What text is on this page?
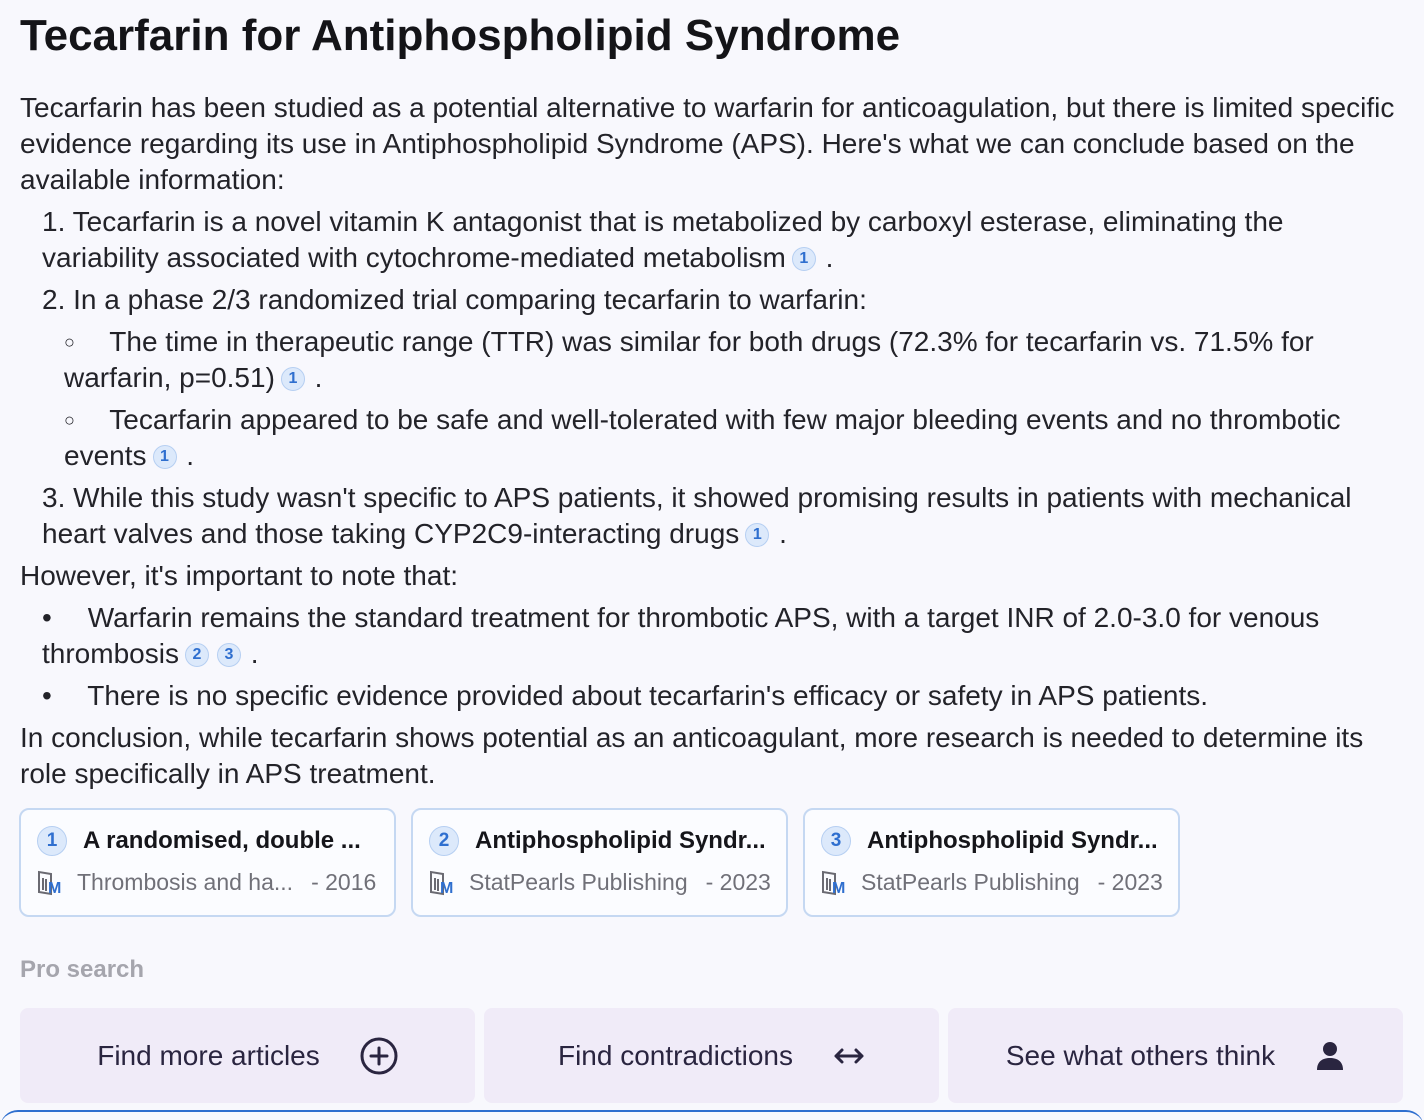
Tecarfarin for Antiphospholipid Syndrome

Tecarfarin has been studied as a potential alternative to warfarin for anticoagulation, but there is limited specific evidence regarding its use in Antiphospholipid Syndrome (APS). Here's what we can conclude based on the available information:

Tecarfarin is a novel vitamin K antagonist that is metabolized by carboxyl esterase, eliminating the variability associated with cytochrome-mediated metabolism 1 .
In a phase 2/3 randomized trial comparing tecarfarin to warfarin:
○ The time in therapeutic range (TTR) was similar for both drugs (72.3% for tecarfarin vs. 71.5% for warfarin, p=0.51) 1 .
○ Tecarfarin appeared to be safe and well-tolerated with few major bleeding events and no thrombotic events 1 .
While this study wasn't specific to APS patients, it showed promising results in patients with mechanical heart valves and those taking CYP2C9-interacting drugs 1 .

However, it's important to note that:

• Warfarin remains the standard treatment for thrombotic APS, with a target INR of 2.0-3.0 for venous thrombosis 2 3 .
• There is no specific evidence provided about tecarfarin's efficacy or safety in APS patients.

In conclusion, while tecarfarin shows potential as an anticoagulant, more research is needed to determine its role specifically in APS treatment.

1	A randomised, double ...
M Thrombosis and ha... - 2016
2	Antiphospholipid Syndr...
M StatPearls Publishing - 2023
3	Antiphospholipid Syndr...
M StatPearls Publishing - 2023
Pro search
Find more articles	Find contradictions	See what others think
